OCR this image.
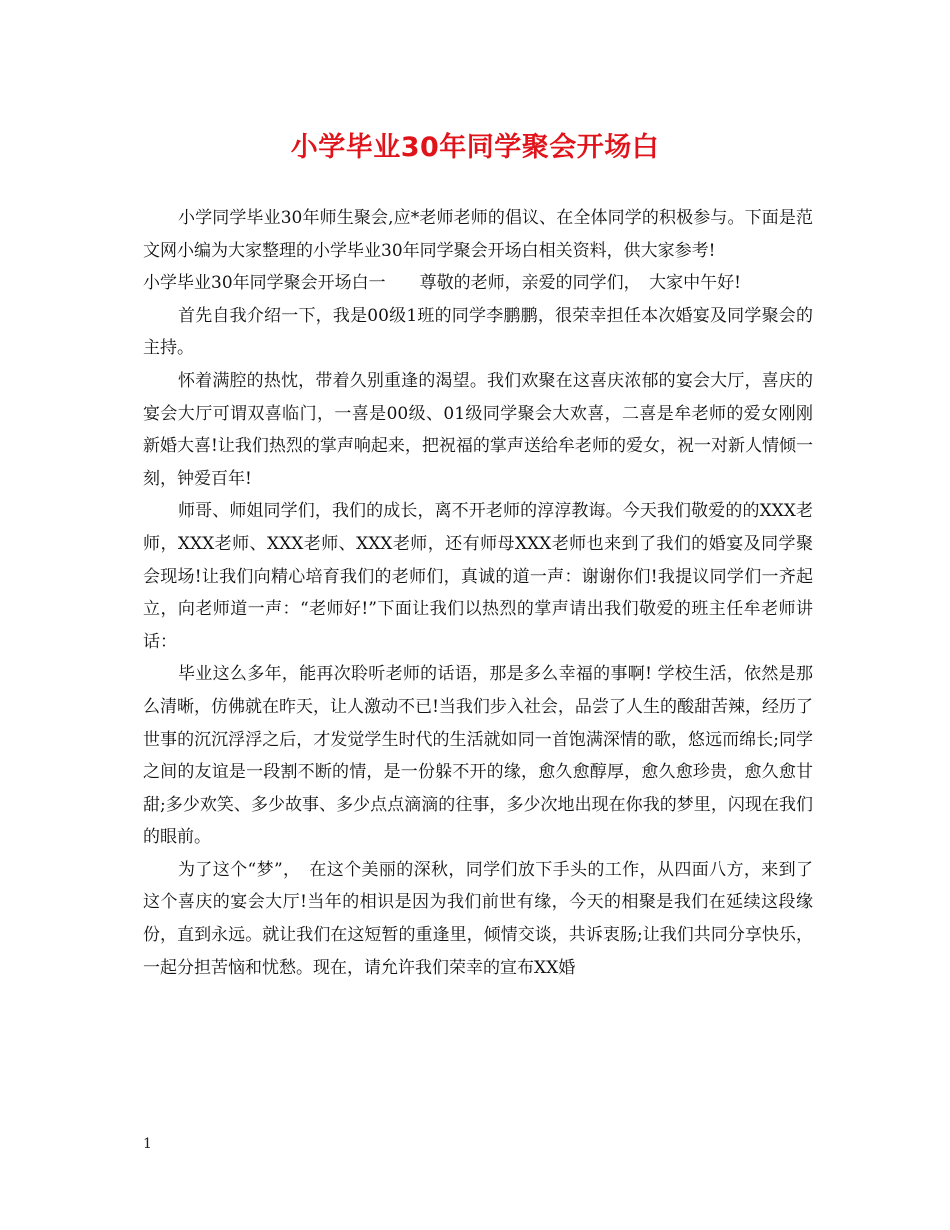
小学毕业30年同学聚会开场白

小学同学毕业30年师生聚会,应*老师老师的倡议、在全体同学的积极参与。下面是范文网小编为大家整理的小学毕业30年同学聚会开场白相关资料，供大家参考!

小学毕业30年同学聚会开场白一　　尊敬的老师，亲爱的同学们，　大家中午好!

首先自我介绍一下，我是00级1班的同学李鹏鹏，很荣幸担任本次婚宴及同学聚会的主持。

怀着满腔的热忱，带着久别重逢的渴望。我们欢聚在这喜庆浓郁的宴会大厅，喜庆的宴会大厅可谓双喜临门，一喜是00级、01级同学聚会大欢喜，二喜是牟老师的爱女刚刚新婚大喜!让我们热烈的掌声响起来，把祝福的掌声送给牟老师的爱女，祝一对新人情倾一刻，钟爱百年!

师哥、师姐同学们，我们的成长，离不开老师的淳淳教诲。今天我们敬爱的的XXX老师，XXX老师、XXX老师、XXX老师，还有师母XXX老师也来到了我们的婚宴及同学聚会现场!让我们向精心培育我们的老师们，真诚的道一声：谢谢你们!我提议同学们一齐起立，向老师道一声：“老师好!”下面让我们以热烈的掌声请出我们敬爱的班主任牟老师讲话：

毕业这么多年，能再次聆听老师的话语，那是多么幸福的事啊! 学校生活，依然是那么清晰，仿佛就在昨天，让人激动不已!当我们步入社会，品尝了人生的酸甜苦辣，经历了世事的沉沉浮浮之后，才发觉学生时代的生活就如同一首饱满深情的歌，悠远而绵长;同学之间的友谊是一段割不断的情，是一份躲不开的缘，愈久愈醇厚，愈久愈珍贵，愈久愈甘甜;多少欢笑、多少故事、多少点点滴滴的往事，多少次地出现在你我的梦里，闪现在我们的眼前。

为了这个“梦”，　在这个美丽的深秋，同学们放下手头的工作，从四面八方，来到了这个喜庆的宴会大厅!当年的相识是因为我们前世有缘，今天的相聚是我们在延续这段缘份，直到永远。就让我们在这短暂的重逢里，倾情交谈，共诉衷肠;让我们共同分享快乐，一起分担苦恼和忧愁。现在，请允许我们荣幸的宣布XX婚

1
